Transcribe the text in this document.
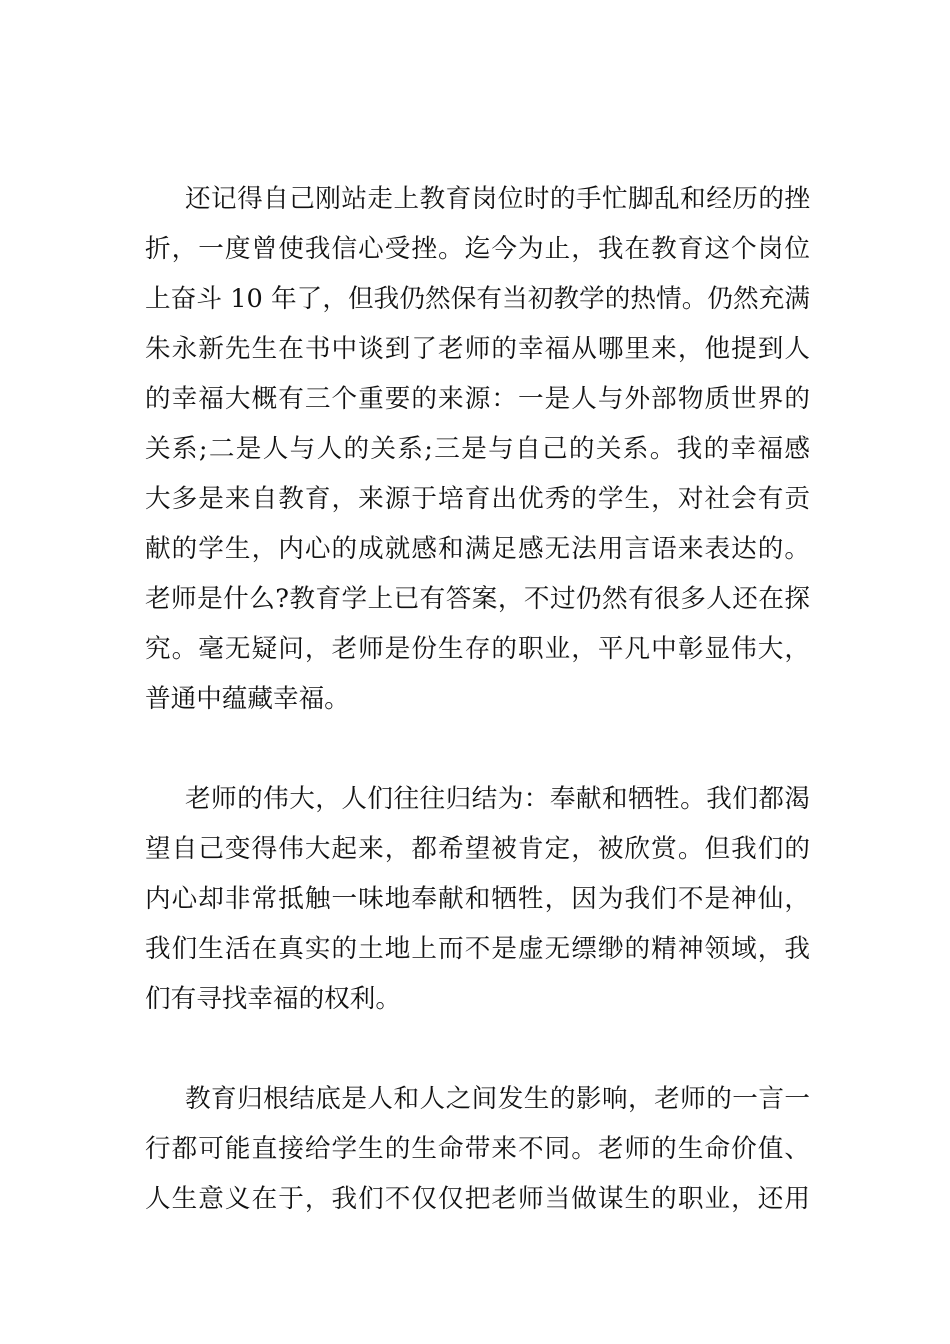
还记得自己刚站走上教育岗位时的手忙脚乱和经历的挫
折，一度曾使我信心受挫。迄今为止，我在教育这个岗位
上奋斗 10 年了，但我仍然保有当初教学的热情。仍然充满
朱永新先生在书中谈到了老师的幸福从哪里来，他提到人
的幸福大概有三个重要的来源：一是人与外部物质世界的
关系;二是人与人的关系;三是与自己的关系。我的幸福感
大多是来自教育，来源于培育出优秀的学生，对社会有贡
献的学生，内心的成就感和满足感无法用言语来表达的。
老师是什么?教育学上已有答案，不过仍然有很多人还在探
究。毫无疑问，老师是份生存的职业，平凡中彰显伟大，
普通中蕴藏幸福。
老师的伟大，人们往往归结为：奉献和牺牲。我们都渴
望自己变得伟大起来，都希望被肯定，被欣赏。但我们的
内心却非常抵触一味地奉献和牺牲，因为我们不是神仙，
我们生活在真实的土地上而不是虚无缥缈的精神领域，我
们有寻找幸福的权利。
教育归根结底是人和人之间发生的影响，老师的一言一
行都可能直接给学生的生命带来不同。老师的生命价值、
人生意义在于，我们不仅仅把老师当做谋生的职业，还用
